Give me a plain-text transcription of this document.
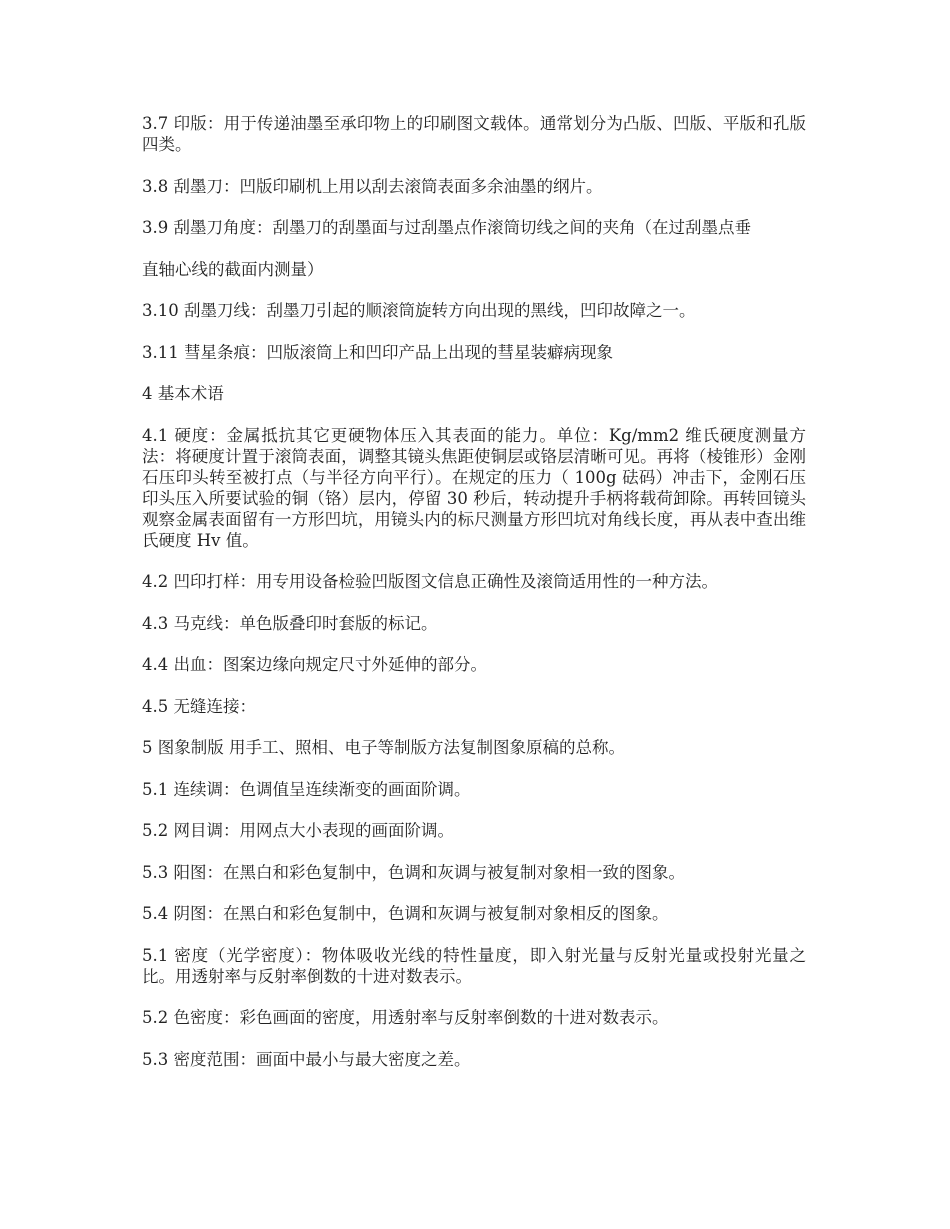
3.7 印版：用于传递油墨至承印物上的印刷图文载体。通常划分为凸版、凹版、平版和孔版四类。

3.8 刮墨刀：凹版印刷机上用以刮去滚筒表面多余油墨的纲片。

3.9 刮墨刀角度：刮墨刀的刮墨面与过刮墨点作滚筒切线之间的夹角（在过刮墨点垂

直轴心线的截面内测量）

3.10 刮墨刀线：刮墨刀引起的顺滚筒旋转方向出现的黑线，凹印故障之一。

3.11 彗星条痕：凹版滚筒上和凹印产品上出现的彗星装癖病现象

4 基本术语

4.1 硬度：金属抵抗其它更硬物体压入其表面的能力。单位：Kg/mm2 维氏硬度测量方法：将硬度计置于滚筒表面，调整其镜头焦距使铜层或铬层清晰可见。再将（棱锥形）金刚石压印头转至被打点（与半径方向平行）。在规定的压力（ 100g 砝码）冲击下，金刚石压印头压入所要试验的铜（铬）层内，停留 30 秒后，转动提升手柄将载荷卸除。再转回镜头观察金属表面留有一方形凹坑，用镜头内的标尺测量方形凹坑对角线长度，再从表中查出维氏硬度 Hv 值。

4.2 凹印打样：用专用设备检验凹版图文信息正确性及滚筒适用性的一种方法。

4.3 马克线：单色版叠印时套版的标记。

4.4 出血：图案边缘向规定尺寸外延伸的部分。

4.5 无缝连接：

5 图象制版 用手工、照相、电子等制版方法复制图象原稿的总称。

5.1 连续调：色调值呈连续渐变的画面阶调。

5.2 网目调：用网点大小表现的画面阶调。

5.3 阳图：在黑白和彩色复制中，色调和灰调与被复制对象相一致的图象。

5.4 阴图：在黑白和彩色复制中，色调和灰调与被复制对象相反的图象。

5.1 密度（光学密度）：物体吸收光线的特性量度，即入射光量与反射光量或投射光量之比。用透射率与反射率倒数的十进对数表示。

5.2 色密度：彩色画面的密度，用透射率与反射率倒数的十进对数表示。

5.3 密度范围：画面中最小与最大密度之差。
